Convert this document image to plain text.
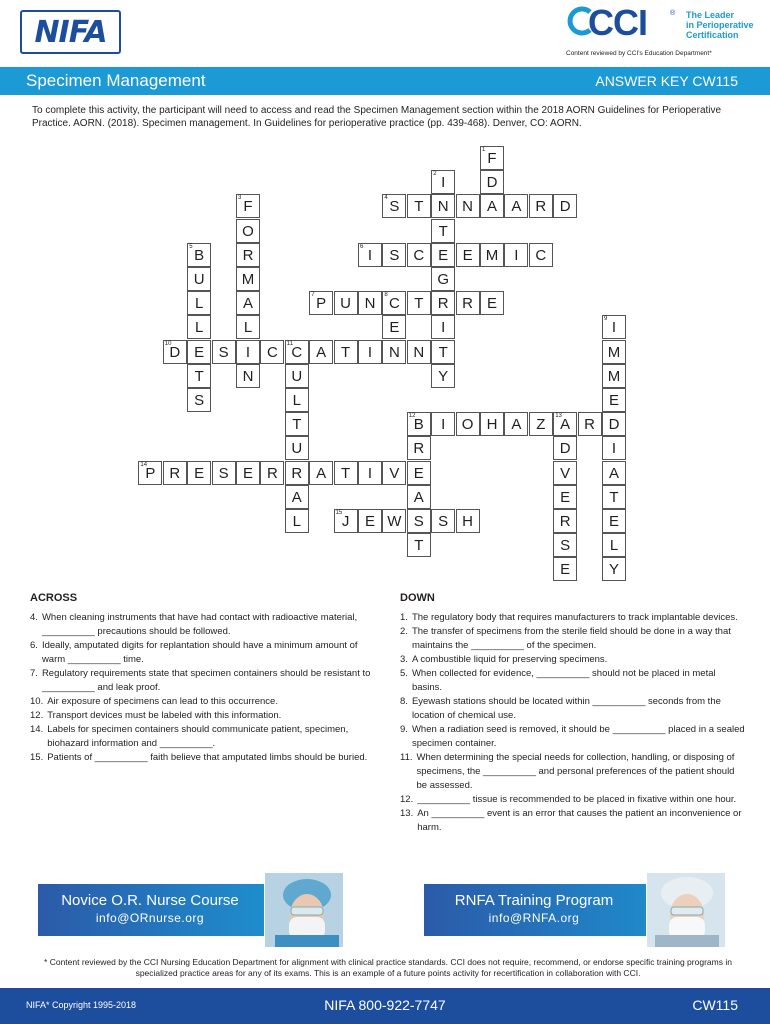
NIFA	CCI	® The Leader
in Perioperative
Certification
Content reviewed by CCI's Education Department*
Specimen Management	ANSWER KEY CW115
To complete this activity, the participant will need to access and read the Specimen Management section within the 2018 AORN Guidelines for Perioperative Practice. AORN. (2018). Specimen management. In Guidelines for perioperative practice (pp. 439-468). Denver, CO: AORN.
1 F
D
A
2 I
N
T
E
G
R
I
T
Y
3 F
O
R
M
A
L
I
N
4 S T	N	A R D
5 B
U
L
L
E
T
S
6 I	S C	E M	I	C
7 P U N	8 C T	R E
E
N
9 I
M
M
E
D
I
A
T
E
L
Y
10
D	S	C	11
C A T	I	N
U
L
T
U
R
A
L
12
B	I	O H A Z	13
A R
R
E
A
S
T
D
V
E
R
S
E
14
P R E S E R	A T	I	V
15 J	E W	S H
ACROSS
4. When cleaning instruments that have had contact with radioactive material, __________ precautions should be followed.
6. Ideally, amputated digits for replantation should have a minimum amount of warm __________ time.
7. Regulatory requirements state that specimen containers should be resistant to __________ and leak proof.
10. Air exposure of specimens can lead to this occurrence.
12. Transport devices must be labeled with this information.
14. Labels for specimen containers should communicate patient, specimen, biohazard information and __________.
15. Patients of __________ faith believe that amputated limbs should be buried.
DOWN
1. The regulatory body that requires manufacturers to track implantable devices.
2. The transfer of specimens from the sterile field should be done in a way that maintains the __________ of the specimen.
3. A combustible liquid for preserving specimens.
5. When collected for evidence, __________ should not be placed in metal basins.
8. Eyewash stations should be located within __________ seconds from the location of chemical use.
9. When a radiation seed is removed, it should be __________ placed in a sealed specimen container.
11. When determining the special needs for collection, handling, or disposing of specimens, the __________ and personal preferences of the patient should be assessed.
12. __________ tissue is recommended to be placed in fixative within one hour.
13. An __________ event is an error that causes the patient an inconvenience or harm.
Novice O.R. Nurse Course
info@ORnurse.org
RNFA Training Program
info@RNFA.org
* Content reviewed by the CCI Nursing Education Department for alignment with clinical practice standards. CCI does not require, recommend, or endorse specific training programs in specialized practice areas for any of its exams. This is an example of a future points activity for recertification in collaboration with CCI.
NIFA* Copyright 1995-2018	NIFA 800-922-7747	CW115
